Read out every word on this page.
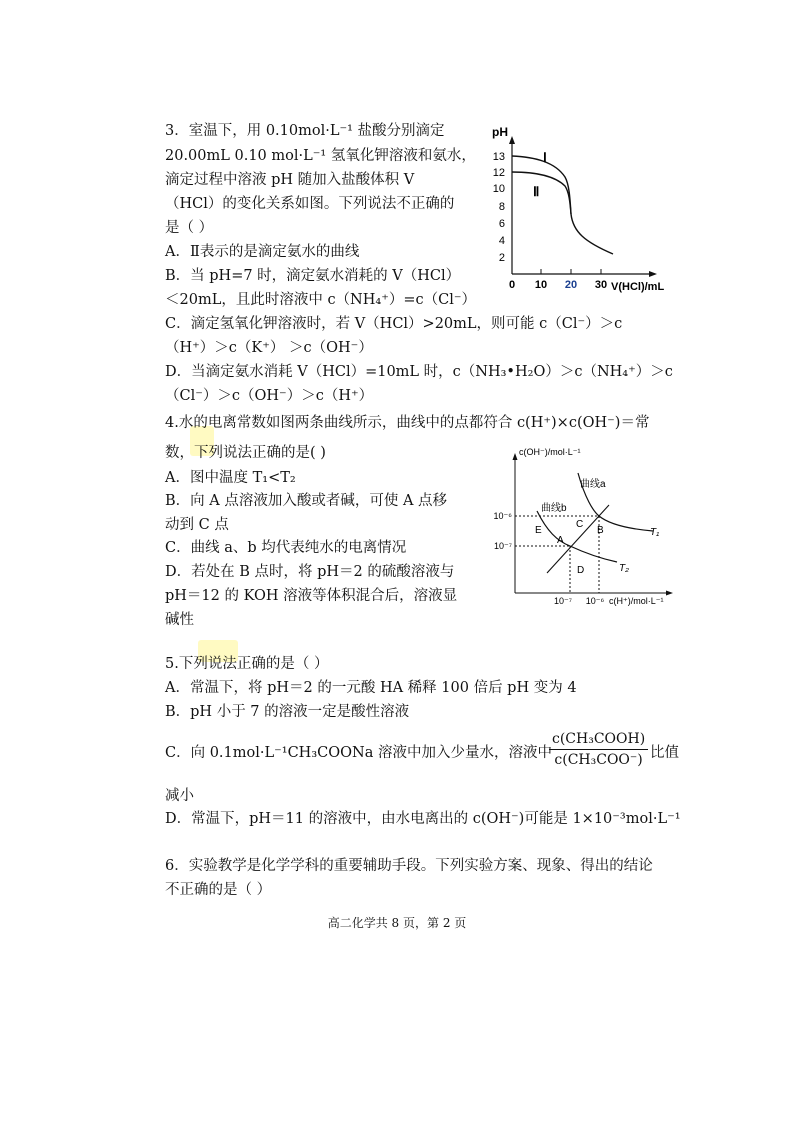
3．室温下，用 0.10mol·L⁻¹ 盐酸分别滴定
20.00mL 0.10 mol·L⁻¹ 氢氧化钾溶液和氨水，
滴定过程中溶液 pH 随加入盐酸体积 V
（HCl）的变化关系如图。下列说法不正确的
是（ ）
A．Ⅱ表示的是滴定氨水的曲线
B．当 pH=7 时，滴定氨水消耗的 V（HCl）
＜20mL，且此时溶液中 c（NH₄⁺）=c（Cl⁻）
C．滴定氢氧化钾溶液时，若 V（HCl）>20mL，则可能 c（Cl⁻）＞c
（H⁺）＞c（K⁺） ＞c（OH⁻）
D．当滴定氨水消耗 V（HCl）=10mL 时，c（NH₃•H₂O）＞c（NH₄⁺）＞c
（Cl⁻）＞c（OH⁻）＞c（H⁺）
pH
13
12
10
8
6
4
2
0 10 20 30 V(HCl)/mL
Ⅰ
Ⅱ
4.水的电离常数如图两条曲线所示，曲线中的点都符合 c(H⁺)×c(OH⁻)＝常
数，下列说法正确的是( )
A．图中温度 T₁<T₂
B．向 A 点溶液加入酸或者碱，可使 A 点移
动到 C 点
C．曲线 a、b 均代表纯水的电离情况
D．若处在 B 点时，将 pH＝2 的硫酸溶液与
pH＝12 的 KOH 溶液等体积混合后，溶液显
碱性
c(OH⁻)/mol·L⁻¹
10⁻⁶
10⁻⁷
10⁻⁷ 10⁻⁶ c(H⁺)/mol·L⁻¹
曲线a
曲线b
T₁
T₂
A
B
C
D
E
5.下列说法正确的是（ ）
A．常温下，将 pH＝2 的一元酸 HA 稀释 100 倍后 pH 变为 4
B．pH 小于 7 的溶液一定是酸性溶液
C．向 0.1mol·L⁻¹CH₃COONa 溶液中加入少量水，溶液中
c(CH₃COOH)
c(CH₃COO⁻) 比值
减小
D．常温下，pH＝11 的溶液中，由水电离出的 c(OH⁻)可能是 1×10⁻³mol·L⁻¹
6．实验教学是化学学科的重要辅助手段。下列实验方案、现象、得出的结论
不正确的是（ ）
高二化学共 8 页，第 2 页
